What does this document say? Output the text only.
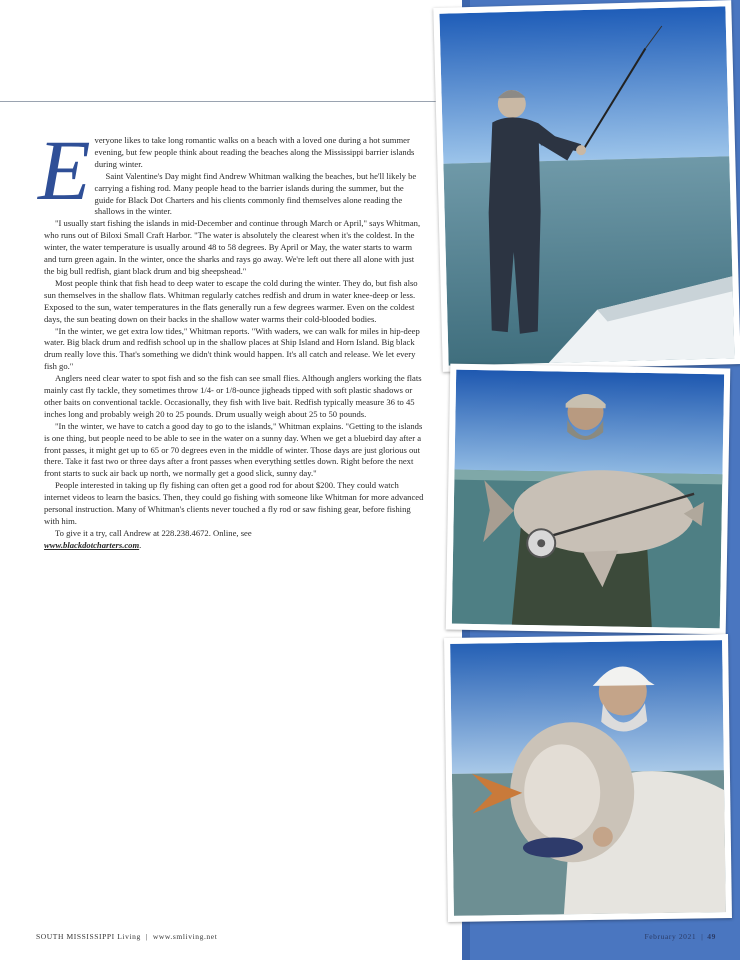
E veryone likes to take long romantic walks on a beach with a loved one during a hot summer evening, but few people think about reading the beaches along the Mississippi barrier islands during winter.

Saint Valentine's Day might find Andrew Whitman walking the beaches, but he'll likely be carrying a fishing rod. Many people head to the barrier islands during the summer, but the guide for Black Dot Charters and his clients commonly find themselves alone reading the shallows in the winter.

"I usually start fishing the islands in mid-December and continue through March or April," says Whitman, who runs out of Biloxi Small Craft Harbor. "The water is absolutely the clearest when it's the coldest. In the winter, the water temperature is usually around 48 to 58 degrees. By April or May, the water starts to warm and turn green again. In the winter, once the sharks and rays go away. We're left out there all alone with just the big bull redfish, giant black drum and big sheepshead."

Most people think that fish head to deep water to escape the cold during the winter. They do, but fish also sun themselves in the shallow flats. Whitman regularly catches redfish and drum in water knee-deep or less. Exposed to the sun, water temperatures in the flats generally run a few degrees warmer. Even on the coldest days, the sun beating down on their backs in the shallow water warms their cold-blooded bodies.

"In the winter, we get extra low tides," Whitman reports. "With waders, we can walk for miles in hip-deep water. Big black drum and redfish school up in the shallow places at Ship Island and Horn Island. Big black drum really love this. That's something we didn't think would happen. It's all catch and release. We let every fish go."

Anglers need clear water to spot fish and so the fish can see small flies. Although anglers working the flats mainly cast fly tackle, they sometimes throw 1/4- or 1/8-ounce jigheads tipped with soft plastic shadows or other baits on conventional tackle. Occasionally, they fish with live bait. Redfish typically measure 36 to 45 inches long and probably weigh 20 to 25 pounds. Drum usually weigh about 25 to 50 pounds.

"In the winter, we have to catch a good day to go to the islands," Whitman explains. "Getting to the islands is one thing, but people need to be able to see in the water on a sunny day. When we get a bluebird day after a front passes, it might get up to 65 or 70 degrees even in the middle of winter. Those days are just glorious out there. Take it fast two or three days after a front passes when everything settles down. Right before the next front starts to suck air back up north, we normally get a good slick, sunny day."

People interested in taking up fly fishing can often get a good rod for about $200. They could watch internet videos to learn the basics. Then, they could go fishing with someone like Whitman for more advanced personal instruction. Many of Whitman's clients never touched a fly rod or saw fishing gear, before fishing with him.

To give it a try, call Andrew at 228.238.4672. Online, see
www.blackdotcharters.com.

SOUTH MISSISSIPPI Living | www.smliving.net	February 2021 | 49
